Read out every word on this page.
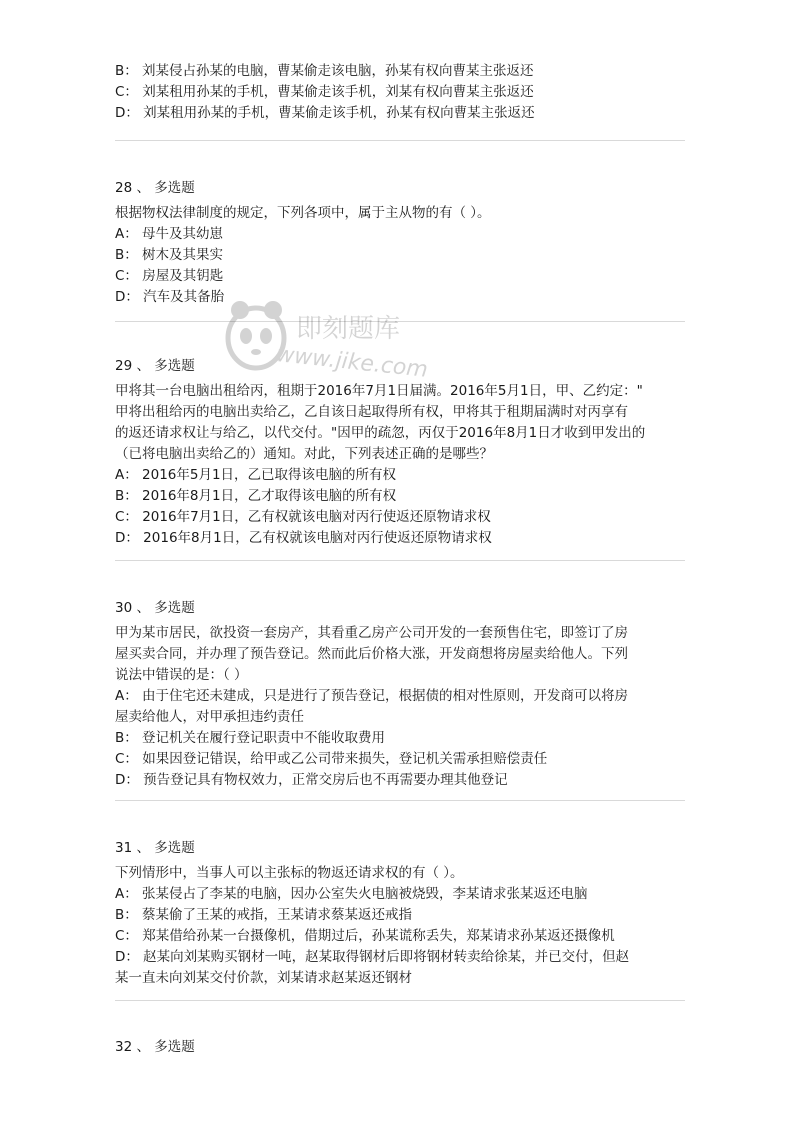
B： 刘某侵占孙某的电脑，曹某偷走该电脑，孙某有权向曹某主张返还
C： 刘某租用孙某的手机，曹某偷走该手机，刘某有权向曹某主张返还
D： 刘某租用孙某的手机，曹某偷走该手机，孙某有权向曹某主张返还
28 、 多选题
根据物权法律制度的规定，下列各项中，属于主从物的有（ ）。
A： 母牛及其幼崽
B： 树木及其果实
C： 房屋及其钥匙
D： 汽车及其备胎
29 、 多选题
甲将其一台电脑出租给丙，租期于2016年7月1日届满。2016年5月1日，甲、乙约定："
甲将出租给丙的电脑出卖给乙，乙自该日起取得所有权，甲将其于租期届满时对丙享有
的返还请求权让与给乙，以代交付。"因甲的疏忽，丙仅于2016年8月1日才收到甲发出的
（已将电脑出卖给乙的）通知。对此，下列表述正确的是哪些？
A： 2016年5月1日，乙已取得该电脑的所有权
B： 2016年8月1日，乙才取得该电脑的所有权
C： 2016年7月1日，乙有权就该电脑对丙行使返还原物请求权
D： 2016年8月1日，乙有权就该电脑对丙行使返还原物请求权
30 、 多选题
甲为某市居民，欲投资一套房产，其看重乙房产公司开发的一套预售住宅，即签订了房
屋买卖合同，并办理了预告登记。然而此后价格大涨，开发商想将房屋卖给他人。下列
说法中错误的是：（ ）
A： 由于住宅还未建成，只是进行了预告登记，根据债的相对性原则，开发商可以将房
屋卖给他人，对甲承担违约责任
B： 登记机关在履行登记职责中不能收取费用
C： 如果因登记错误，给甲或乙公司带来损失，登记机关需承担赔偿责任
D： 预告登记具有物权效力，正常交房后也不再需要办理其他登记
31 、 多选题
下列情形中，当事人可以主张标的物返还请求权的有（ ）。
A： 张某侵占了李某的电脑，因办公室失火电脑被烧毁，李某请求张某返还电脑
B： 蔡某偷了王某的戒指，王某请求蔡某返还戒指
C： 郑某借给孙某一台摄像机，借期过后，孙某谎称丢失，郑某请求孙某返还摄像机
D： 赵某向刘某购买钢材一吨，赵某取得钢材后即将钢材转卖给徐某，并已交付，但赵
某一直未向刘某交付价款，刘某请求赵某返还钢材
32 、 多选题
即刻题库
www.jike.com
